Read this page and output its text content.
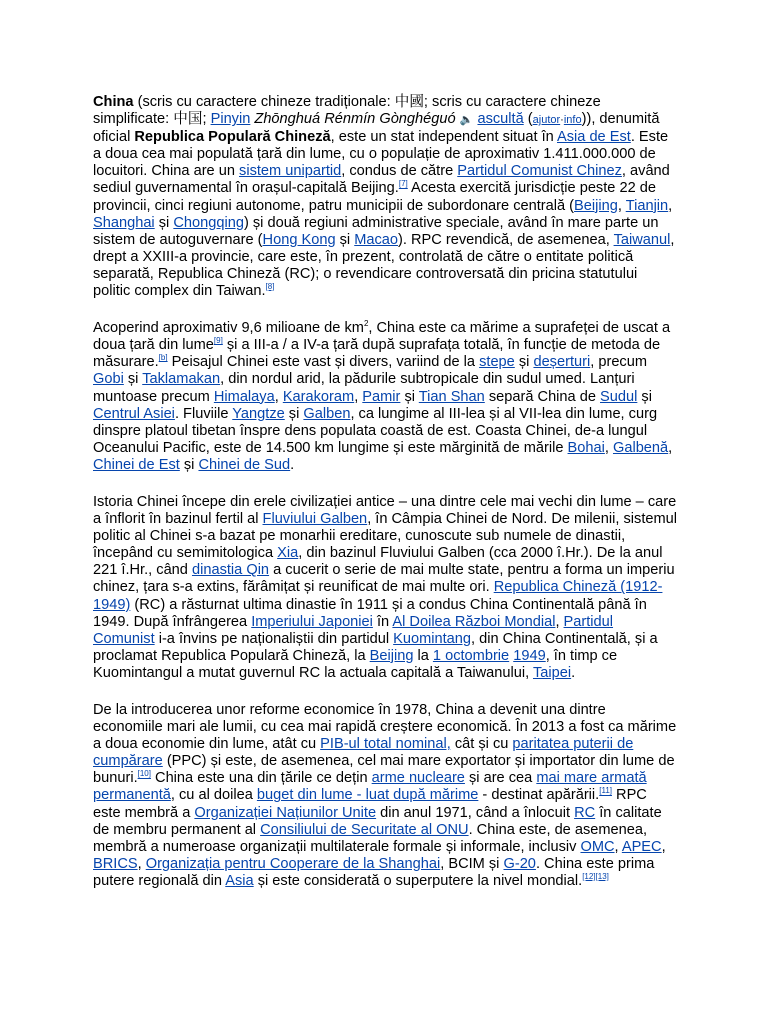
China (scris cu caractere chineze tradiționale: 中國; scris cu caractere chineze simplificate: 中国; Pinyin Zhōnghuá Rénmín Gònghéguó 🔈 ascultă (ajutor·info)), denumită oficial Republica Populară Chineză, este un stat independent situat în Asia de Est. Este a doua cea mai populată țară din lume, cu o populație de aproximativ 1.411.000.000 de locuitori. China are un sistem unipartid, condus de către Partidul Comunist Chinez, având sediul guvernamental în orașul-capitală Beijing.[7] Acesta exercită jurisdicție peste 22 de provincii, cinci regiuni autonome, patru municipii de subordonare centrală (Beijing, Tianjin, Shanghai și Chongqing) și două regiuni administrative speciale, având în mare parte un sistem de autoguvernare (Hong Kong și Macao). RPC revendică, de asemenea, Taiwanul, drept a XXIII-a provincie, care este, în prezent, controlată de către o entitate politică separată, Republica Chineză (RC); o revendicare controversată din pricina statutului politic complex din Taiwan.[8]

Acoperind aproximativ 9,6 milioane de $km^2$, China este ca mărime a suprafeței de uscat a doua țară din lume[9] și a III-a / a IV-a țară după suprafața totală, în funcție de metoda de măsurare.[b] Peisajul Chinei este vast și divers, variind de la stepe și deșerturi, precum Gobi și Taklamakan, din nordul arid, la pădurile subtropicale din sudul umed. Lanțuri muntoase precum Himalaya, Karakoram, Pamir și Tian Shan separă China de Sudul și Centrul Asiei. Fluviile Yangtze și Galben, ca lungime al III-lea și al VII-lea din lume, curg dinspre platoul tibetan înspre dens populata coastă de est. Coasta Chinei, de-a lungul Oceanului Pacific, este de 14.500 km lungime și este mărginită de mările Bohai, Galbenă, Chinei de Est și Chinei de Sud.

Istoria Chinei începe din erele civilizației antice – una dintre cele mai vechi din lume – care a înflorit în bazinul fertil al Fluviului Galben, în Câmpia Chinei de Nord. De milenii, sistemul politic al Chinei s-a bazat pe monarhii ereditare, cunoscute sub numele de dinastii, începând cu semimitologica Xia, din bazinul Fluviului Galben (cca 2000 î.Hr.). De la anul 221 î.Hr., când dinastia Qin a cucerit o serie de mai multe state, pentru a forma un imperiu chinez, țara s-a extins, fărâmițat și reunificat de mai multe ori. Republica Chineză (1912-1949) (RC) a răsturnat ultima dinastie în 1911 și a condus China Continentală până în 1949. După înfrângerea Imperiului Japoniei în Al Doilea Război Mondial, Partidul Comunist i-a învins pe naționaliștii din partidul Kuomintang, din China Continentală, și a proclamat Republica Populară Chineză, la Beijing la 1 octombrie 1949, în timp ce Kuomintangul a mutat guvernul RC la actuala capitală a Taiwanului, Taipei.

De la introducerea unor reforme economice în 1978, China a devenit una dintre economiile mari ale lumii, cu cea mai rapidă creștere economică. În 2013 a fost ca mărime a doua economie din lume, atât cu PIB-ul total nominal, cât și cu paritatea puterii de cumpărare (PPC) și este, de asemenea, cel mai mare exportator și importator din lume de bunuri.[10] China este una din țările ce dețin arme nucleare și are cea mai mare armată permanentă, cu al doilea buget din lume - luat după mărime - destinat apărării.[11] RPC este membră a Organizației Națiunilor Unite din anul 1971, când a înlocuit RC în calitate de membru permanent al Consiliului de Securitate al ONU. China este, de asemenea, membră a numeroase organizații multilaterale formale și informale, inclusiv OMC, APEC, BRICS, Organizația pentru Cooperare de la Shanghai, BCIM și G-20. China este prima putere regională din Asia și este considerată o superputere la nivel mondial.[12][13]
